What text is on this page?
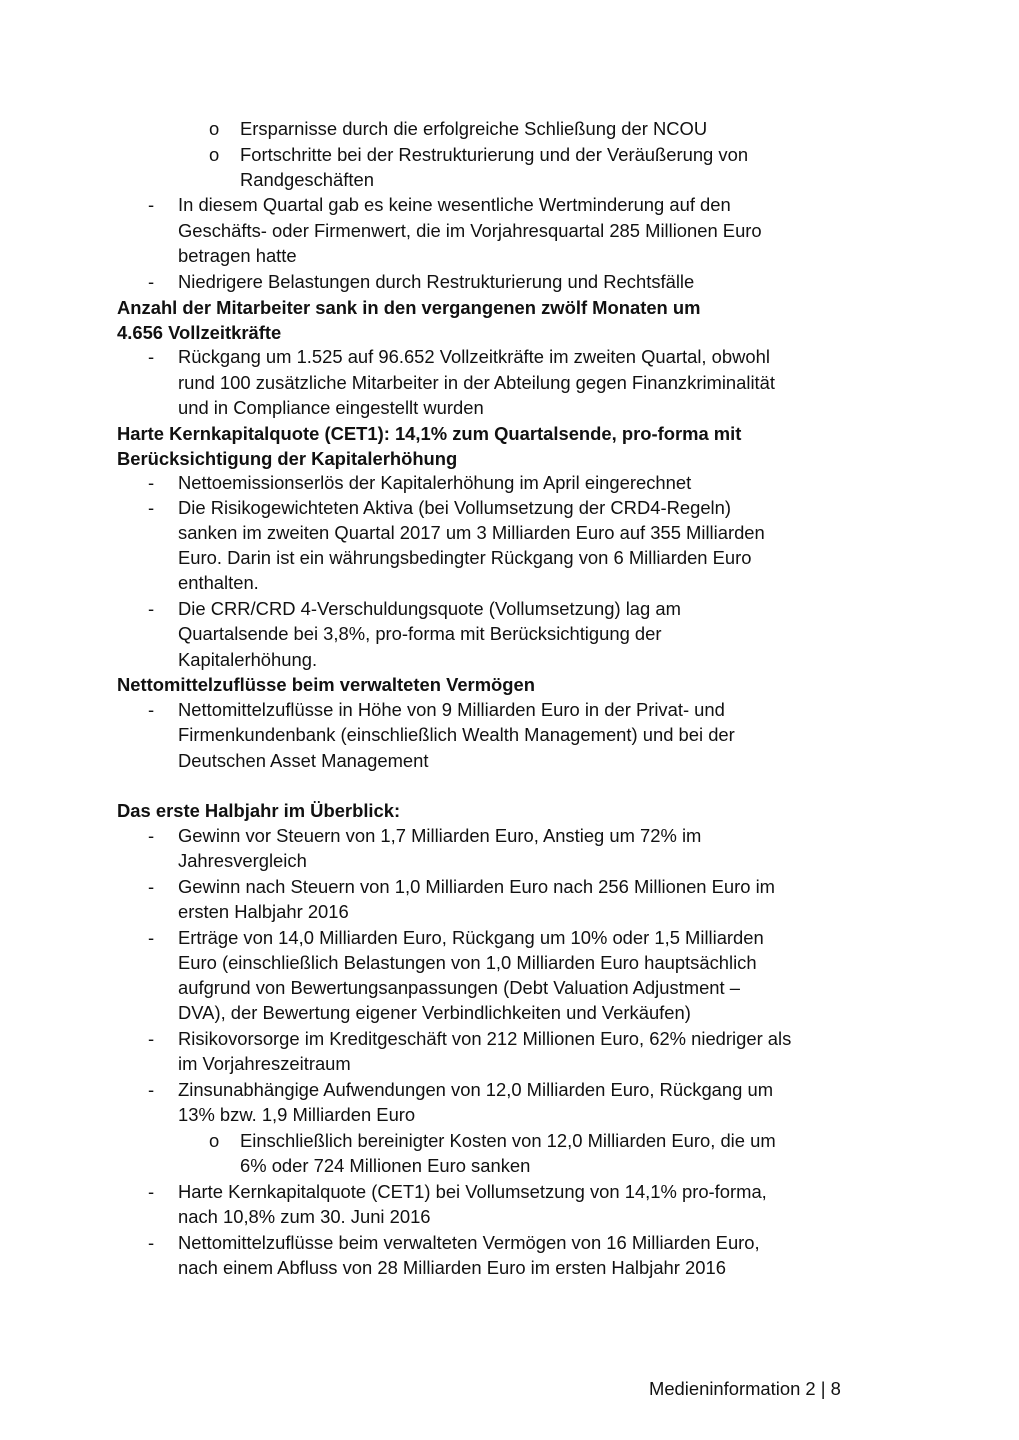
o Ersparnisse durch die erfolgreiche Schließung der NCOU
o Fortschritte bei der Restrukturierung und der Veräußerung von
Randgeschäften
- In diesem Quartal gab es keine wesentliche Wertminderung auf den
Geschäfts- oder Firmenwert, die im Vorjahresquartal 285 Millionen Euro
betragen hatte
- Niedrigere Belastungen durch Restrukturierung und Rechtsfälle
Anzahl der Mitarbeiter sank in den vergangenen zwölf Monaten um
4.656 Vollzeitkräfte
- Rückgang um 1.525 auf 96.652 Vollzeitkräfte im zweiten Quartal, obwohl
rund 100 zusätzliche Mitarbeiter in der Abteilung gegen Finanzkriminalität
und in Compliance eingestellt wurden
Harte Kernkapitalquote (CET1): 14,1% zum Quartalsende, pro-forma mit
Berücksichtigung der Kapitalerhöhung
- Nettoemissionserlös der Kapitalerhöhung im April eingerechnet
- Die Risikogewichteten Aktiva (bei Vollumsetzung der CRD4-Regeln)
sanken im zweiten Quartal 2017 um 3 Milliarden Euro auf 355 Milliarden
Euro. Darin ist ein währungsbedingter Rückgang von 6 Milliarden Euro
enthalten.
- Die CRR/CRD 4-Verschuldungsquote (Vollumsetzung) lag am
Quartalsende bei 3,8%, pro-forma mit Berücksichtigung der
Kapitalerhöhung.
Nettomittelzuflüsse beim verwalteten Vermögen
- Nettomittelzuflüsse in Höhe von 9 Milliarden Euro in der Privat- und
Firmenkundenbank (einschließlich Wealth Management) und bei der
Deutschen Asset Management
Das erste Halbjahr im Überblick:
- Gewinn vor Steuern von 1,7 Milliarden Euro, Anstieg um 72% im
Jahresvergleich
- Gewinn nach Steuern von 1,0 Milliarden Euro nach 256 Millionen Euro im
ersten Halbjahr 2016
- Erträge von 14,0 Milliarden Euro, Rückgang um 10% oder 1,5 Milliarden
Euro (einschließlich Belastungen von 1,0 Milliarden Euro hauptsächlich
aufgrund von Bewertungsanpassungen (Debt Valuation Adjustment –
DVA), der Bewertung eigener Verbindlichkeiten und Verkäufen)
- Risikovorsorge im Kreditgeschäft von 212 Millionen Euro, 62% niedriger als
im Vorjahreszeitraum
- Zinsunabhängige Aufwendungen von 12,0 Milliarden Euro, Rückgang um
13% bzw. 1,9 Milliarden Euro
o Einschließlich bereinigter Kosten von 12,0 Milliarden Euro, die um
6% oder 724 Millionen Euro sanken
- Harte Kernkapitalquote (CET1) bei Vollumsetzung von 14,1% pro-forma,
nach 10,8% zum 30. Juni 2016
- Nettomittelzuflüsse beim verwalteten Vermögen von 16 Milliarden Euro,
nach einem Abfluss von 28 Milliarden Euro im ersten Halbjahr 2016
Medieninformation 2 | 8
